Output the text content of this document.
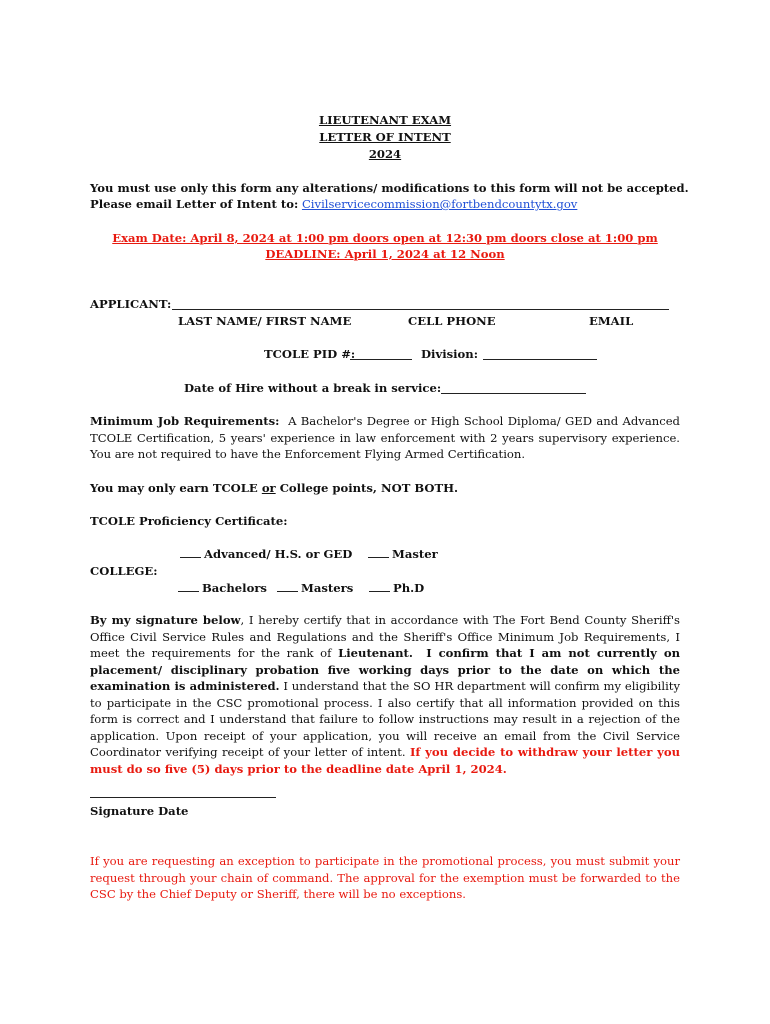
LIEUTENANT EXAM
LETTER OF INTENT
2024
You must use only this form any alterations/ modifications to this form will not be accepted.
Please email Letter of Intent to: Civilservicecommission@fortbendcountytx.gov
Exam Date: April 8, 2024 at 1:00 pm doors open at 12:30 pm doors close at 1:00 pm
DEADLINE: April 1, 2024 at 12 Noon
APPLICANT:
LAST NAME/ FIRST NAME	CELL PHONE	EMAIL
TCOLE PID #:	Division:
Date of Hire without a break in service:
Minimum Job Requirements: A Bachelor's Degree or High School Diploma/ GED and Advanced TCOLE Certification, 5 years' experience in law enforcement with 2 years supervisory experience. You are not required to have the Enforcement Flying Armed Certification.
You may only earn TCOLE or College points, NOT BOTH.
TCOLE Proficiency Certificate:
Advanced/ H.S. or GED	Master
COLLEGE:
Bachelors	Masters	Ph.D
By my signature below, I hereby certify that in accordance with The Fort Bend County Sheriff's Office Civil Service Rules and Regulations and the Sheriff's Office Minimum Job Requirements, I meet the requirements for the rank of Lieutenant. I confirm that I am not currently on placement/ disciplinary probation five working days prior to the date on which the examination is administered. I understand that the SO HR department will confirm my eligibility to participate in the CSC promotional process. I also certify that all information provided on this form is correct and I understand that failure to follow instructions may result in a rejection of the application. Upon receipt of your application, you will receive an email from the Civil Service Coordinator verifying receipt of your letter of intent. If you decide to withdraw your letter you must do so five (5) days prior to the deadline date April 1, 2024.
Signature Date
If you are requesting an exception to participate in the promotional process, you must submit your request through your chain of command. The approval for the exemption must be forwarded to the CSC by the Chief Deputy or Sheriff, there will be no exceptions.
